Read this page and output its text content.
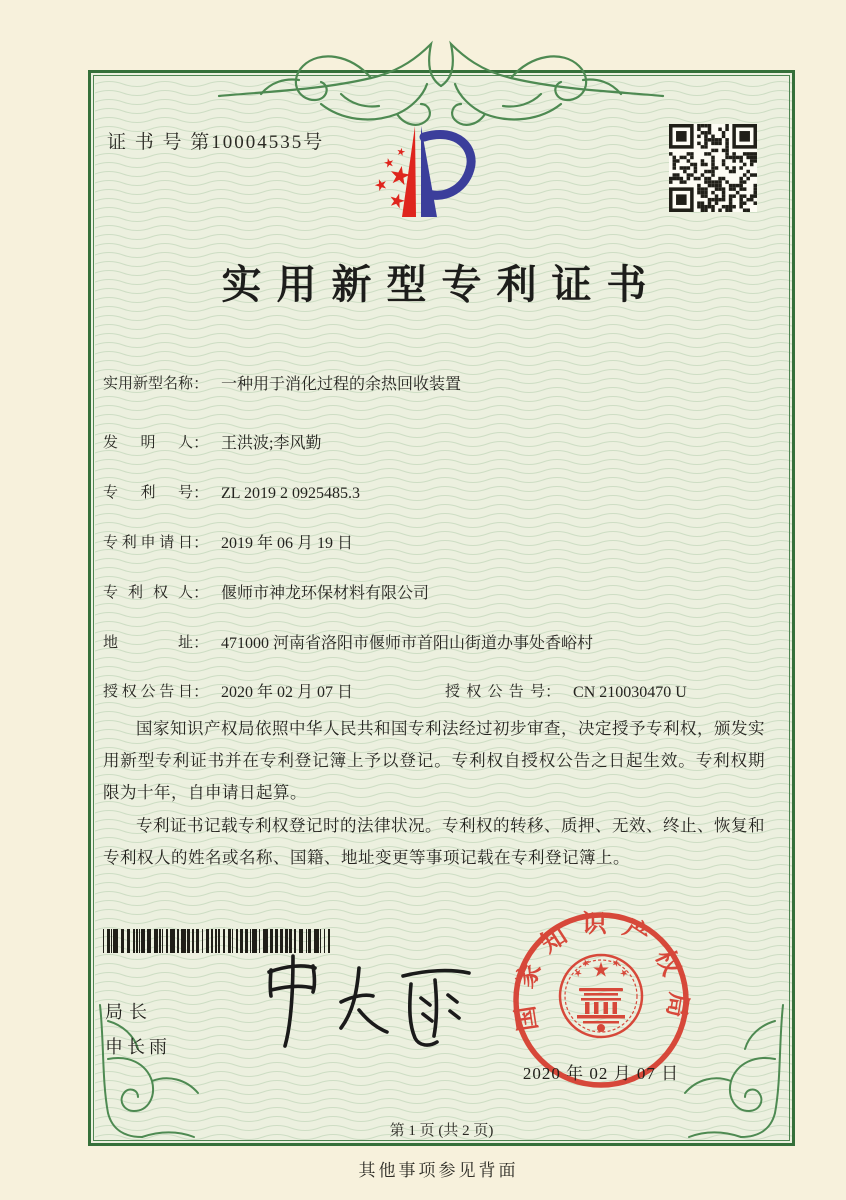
证 书 号 第10004535号
实用新型专利证书
实用新型名称： 一种用于消化过程的余热回收装置
发明人： 王洪波;李风勤
专利号： ZL 2019 2 0925485.3
专利申请日： 2019 年 06 月 19 日
专利权人： 偃师市神龙环保材料有限公司
地址： 471000 河南省洛阳市偃师市首阳山街道办事处香峪村
授权公告日： 2020 年 02 月 07 日	授权公告号： CN 210030470 U

国家知识产权局依照中华人民共和国专利法经过初步审查，决定授予专利权，颁发实用新型专利证书并在专利登记簿上予以登记。专利权自授权公告之日起生效。专利权期限为十年，自申请日起算。

专利证书记载专利权登记时的法律状况。专利权的转移、质押、无效、终止、恢复和专利权人的姓名或名称、国籍、地址变更等事项记载在专利登记簿上。

局长
申长雨
国家知识产权局
2020 年 02 月 07 日
第 1 页 (共 2 页)
其他事项参见背面
